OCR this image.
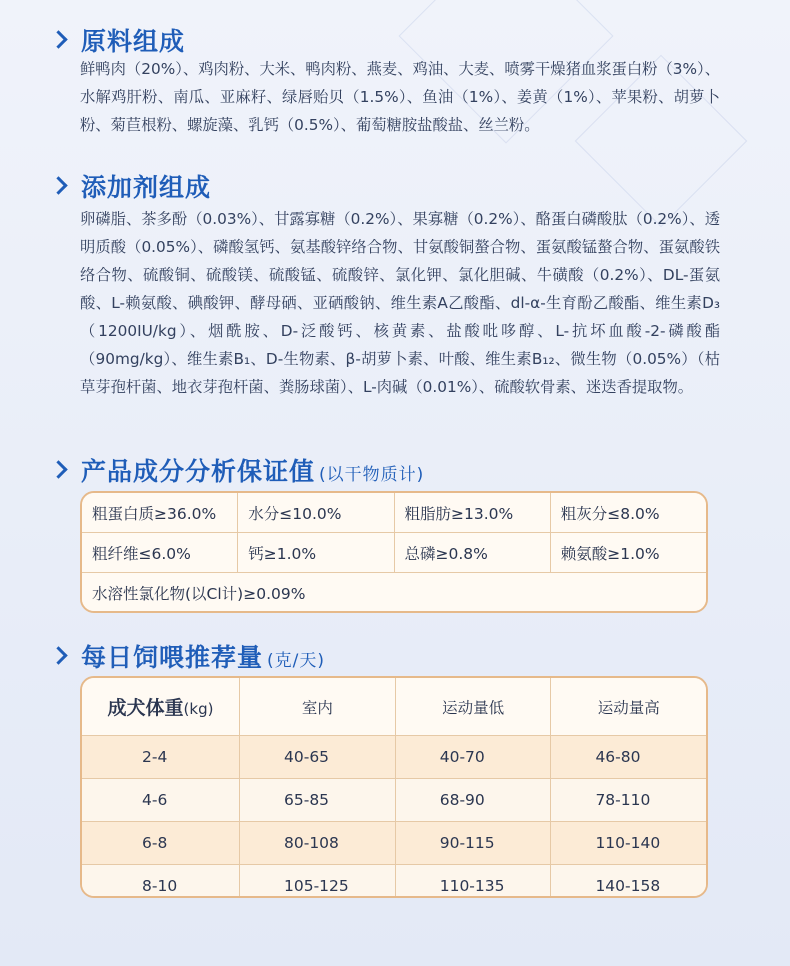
原料组成
鲜鸭肉（20%）、鸡肉粉、大米、鸭肉粉、燕麦、鸡油、大麦、喷雾干燥猪血浆蛋白粉（3%）、水解鸡肝粉、南瓜、亚麻籽、绿唇贻贝（1.5%）、鱼油（1%）、姜黄（1%）、苹果粉、胡萝卜粉、菊苣根粉、螺旋藻、乳钙（0.5%）、葡萄糖胺盐酸盐、丝兰粉。
添加剂组成
卵磷脂、茶多酚（0.03%）、甘露寡糖（0.2%）、果寡糖（0.2%）、酪蛋白磷酸肽（0.2%）、透明质酸（0.05%）、磷酸氢钙、氨基酸锌络合物、甘氨酸铜螯合物、蛋氨酸锰螯合物、蛋氨酸铁络合物、硫酸铜、硫酸镁、硫酸锰、硫酸锌、氯化钾、氯化胆碱、牛磺酸（0.2%）、DL-蛋氨酸、L-赖氨酸、碘酸钾、酵母硒、亚硒酸钠、维生素A乙酸酯、dl-α-生育酚乙酸酯、维生素D₃（1200IU/kg）、烟酰胺、D-泛酸钙、核黄素、盐酸吡哆醇、L-抗坏血酸-2-磷酸酯（90mg/kg）、维生素B₁、D-生物素、β-胡萝卜素、叶酸、维生素B₁₂、微生物（0.05%）（枯草芽孢杆菌、地衣芽孢杆菌、粪肠球菌）、L-肉碱（0.01%）、硫酸软骨素、迷迭香提取物。
产品成分分析保证值 (以干物质计)
粗蛋白质≥36.0%	水分≤10.0%	粗脂肪≥13.0%	粗灰分≤8.0%
粗纤维≤6.0%	钙≥1.0%	总磷≥0.8%	赖氨酸≥1.0%
水溶性氯化物(以Cl计)≥0.09%
每日饲喂推荐量 (克/天)
成犬体重(kg)	室内	运动量低	运动量高
2-4	40-65	40-70	46-80
4-6	65-85	68-90	78-110
6-8	80-108	90-115	110-140
8-10	105-125	110-135	140-158
